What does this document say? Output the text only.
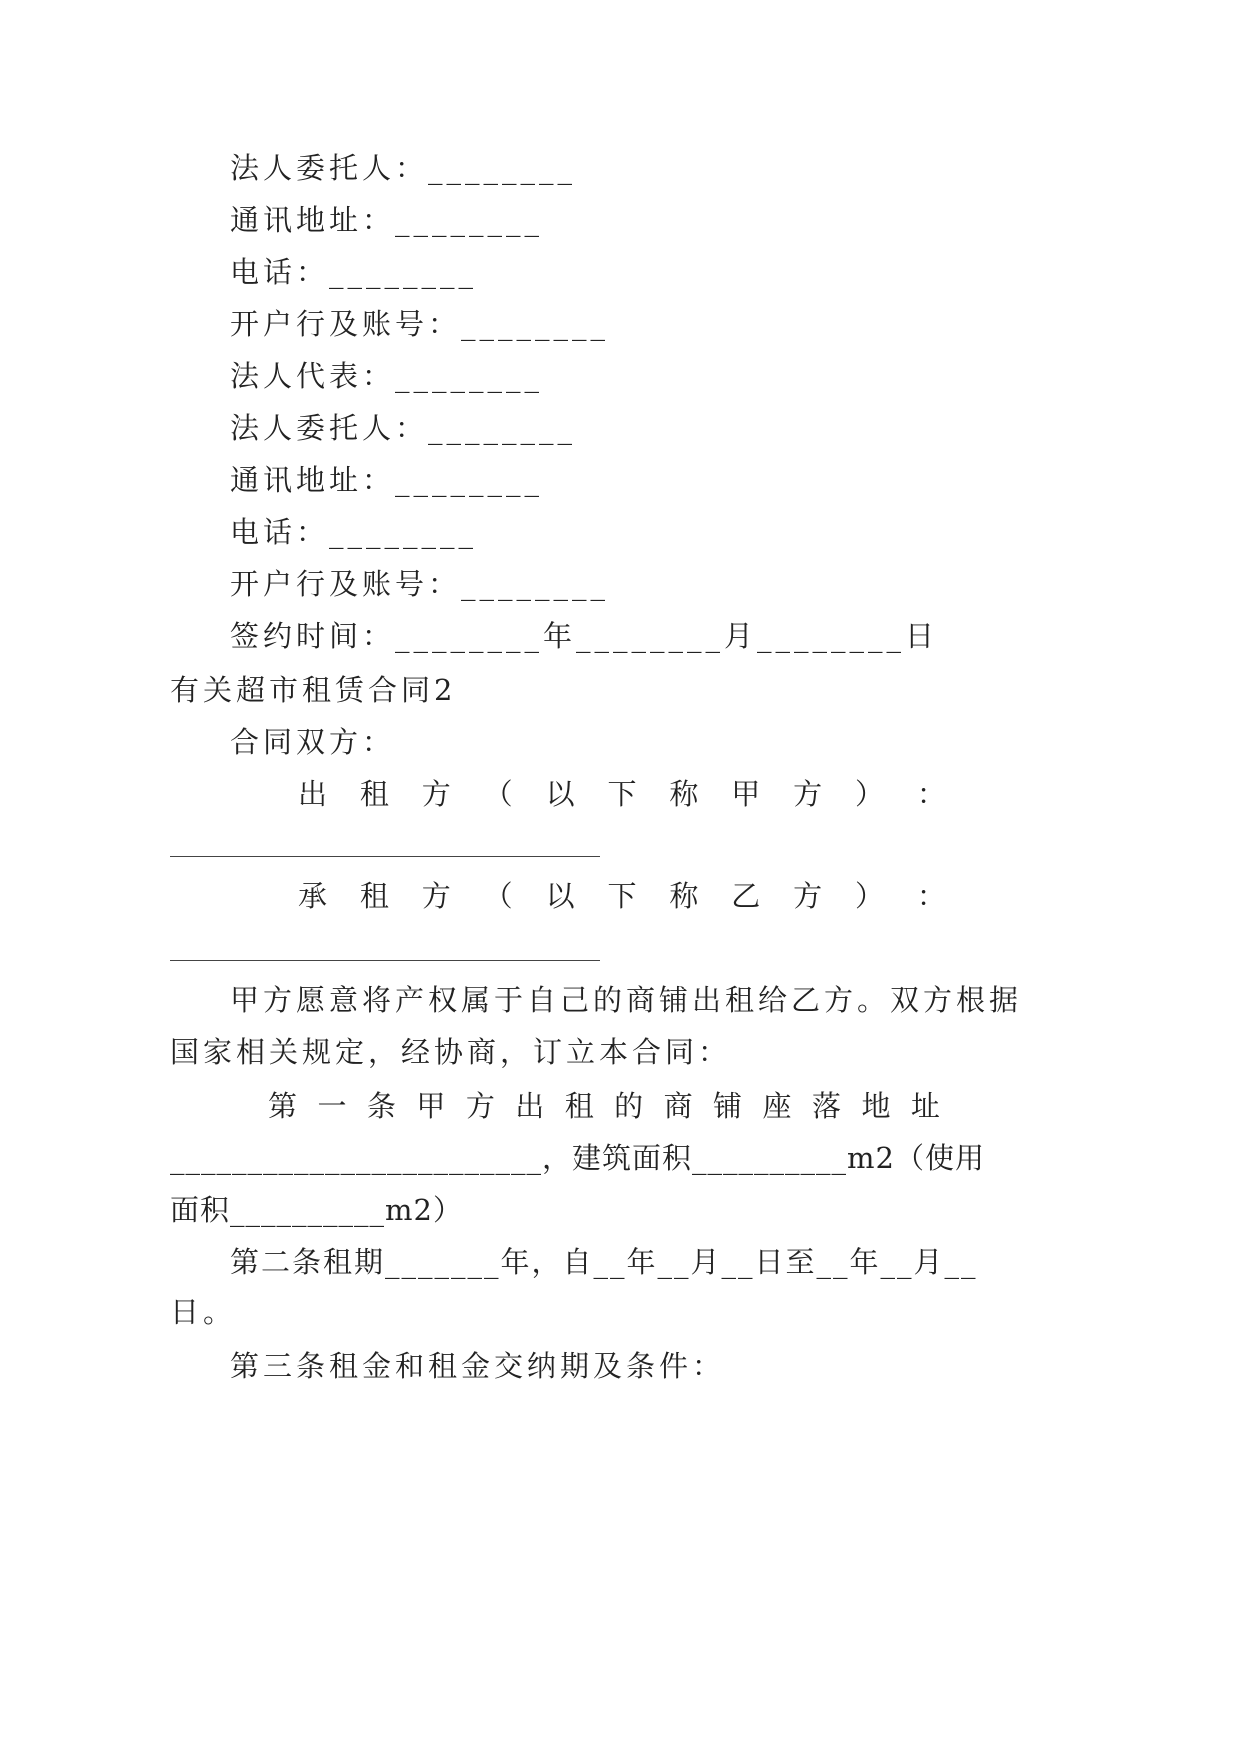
法人委托人：________
通讯地址：________
电话：________
开户行及账号：________
法人代表：________
法人委托人：________
通讯地址：________
电话：________
开户行及账号：________
签约时间：________年________月________日
有关超市租赁合同2
合同双方：
出 租 方 （ 以 下 称 甲 方 ） ：
承 租 方 （ 以 下 称 乙 方 ） ：
甲方愿意将产权属于自己的商铺出租给乙方。双方根据
国家相关规定，经协商，订立本合同：
第 一 条 甲 方 出 租 的 商 铺 座 落 地 址
________________________，建筑面积__________m2（使用
面积__________m2）
第二条租期_______年，自__年__月__日至__年__月__
日。
第三条租金和租金交纳期及条件：
